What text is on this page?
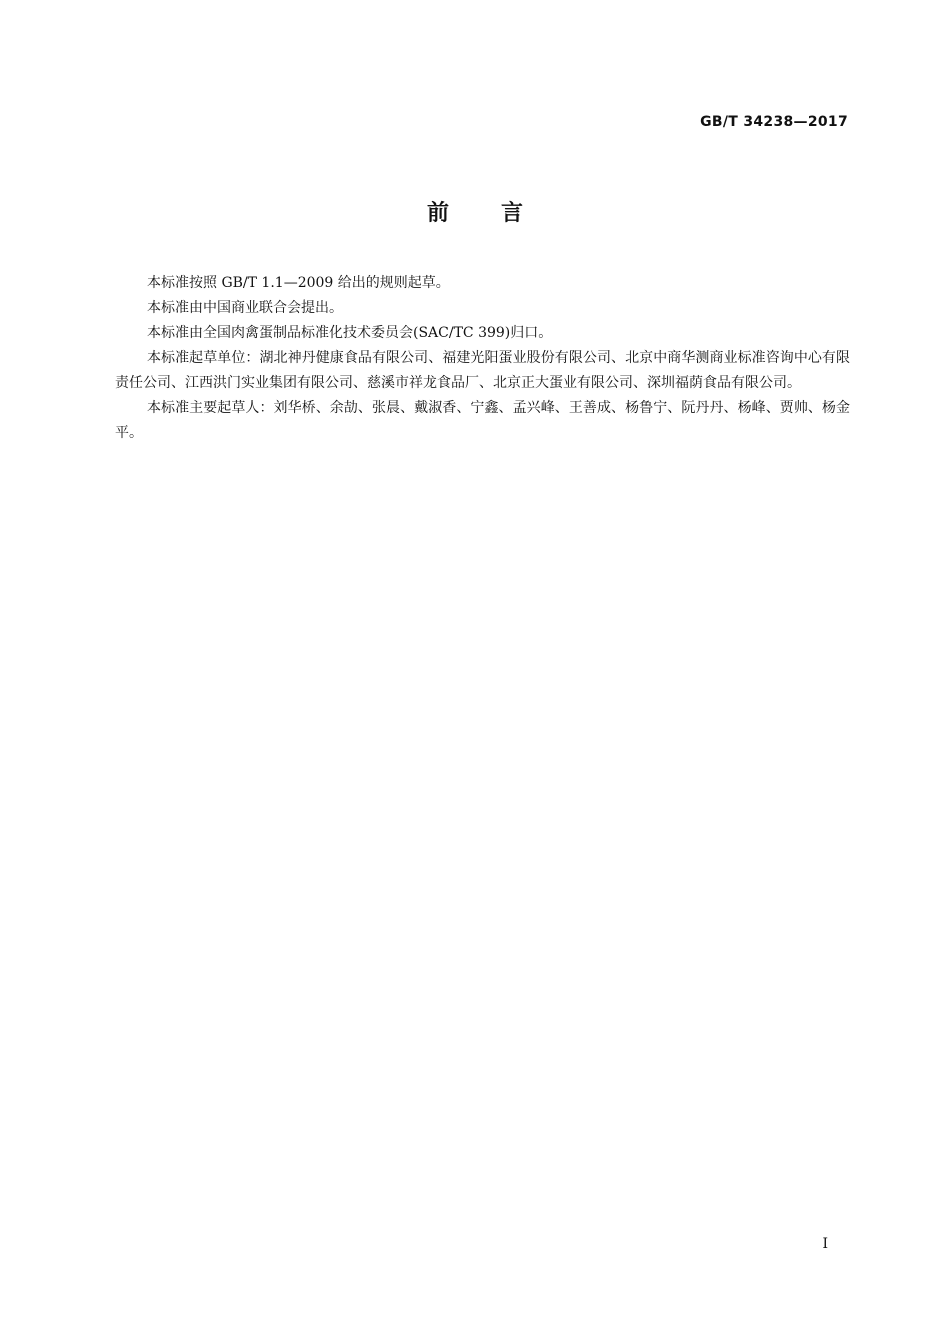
GB/T 34238—2017
前 言

本标准按照 GB/T 1.1—2009 给出的规则起草。

本标准由中国商业联合会提出。

本标准由全国肉禽蛋制品标准化技术委员会(SAC/TC 399)归口。

本标准起草单位：湖北神丹健康食品有限公司、福建光阳蛋业股份有限公司、北京中商华测商业标准咨询中心有限责任公司、江西洪门实业集团有限公司、慈溪市祥龙食品厂、北京正大蛋业有限公司、深圳福荫食品有限公司。

本标准主要起草人：刘华桥、余劼、张晨、戴淑香、宁鑫、孟兴峰、王善成、杨鲁宁、阮丹丹、杨峰、贾帅、杨金平。

I
